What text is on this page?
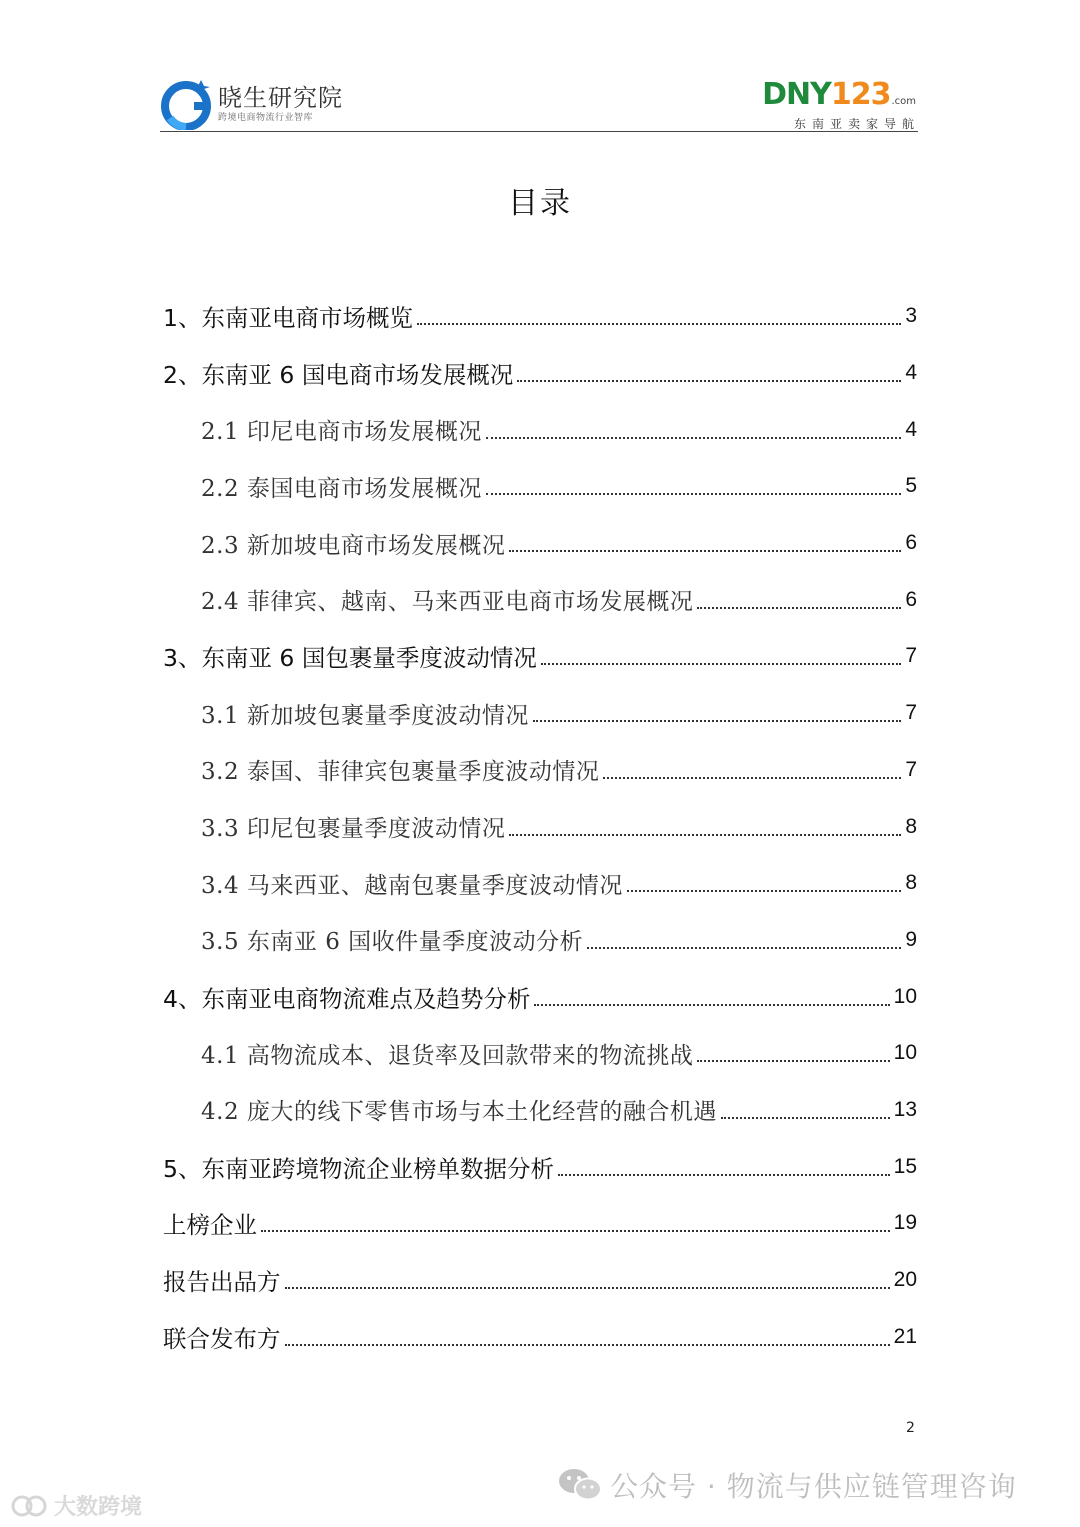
晓生研究院
跨境电商物流行业智库
DNY 123 .com
东南亚卖家导航
目录
1、东南亚电商市场概览	3
2、东南亚 6 国电商市场发展概况	4
2.1 印尼电商市场发展概况	4
2.2 泰国电商市场发展概况	5
2.3 新加坡电商市场发展概况	6
2.4 菲律宾、越南、马来西亚电商市场发展概况	6
3、东南亚 6 国包裹量季度波动情况	7
3.1 新加坡包裹量季度波动情况	7
3.2 泰国、菲律宾包裹量季度波动情况	7
3.3 印尼包裹量季度波动情况	8
3.4 马来西亚、越南包裹量季度波动情况	8
3.5 东南亚 6 国收件量季度波动分析	9
4、东南亚电商物流难点及趋势分析	10
4.1 高物流成本、退货率及回款带来的物流挑战	10
4.2 庞大的线下零售市场与本土化经营的融合机遇	13
5、东南亚跨境物流企业榜单数据分析	15
上榜企业	19
报告出品方	20
联合发布方	21
2
公众号 · 物流与供应链管理咨询
大数跨境
